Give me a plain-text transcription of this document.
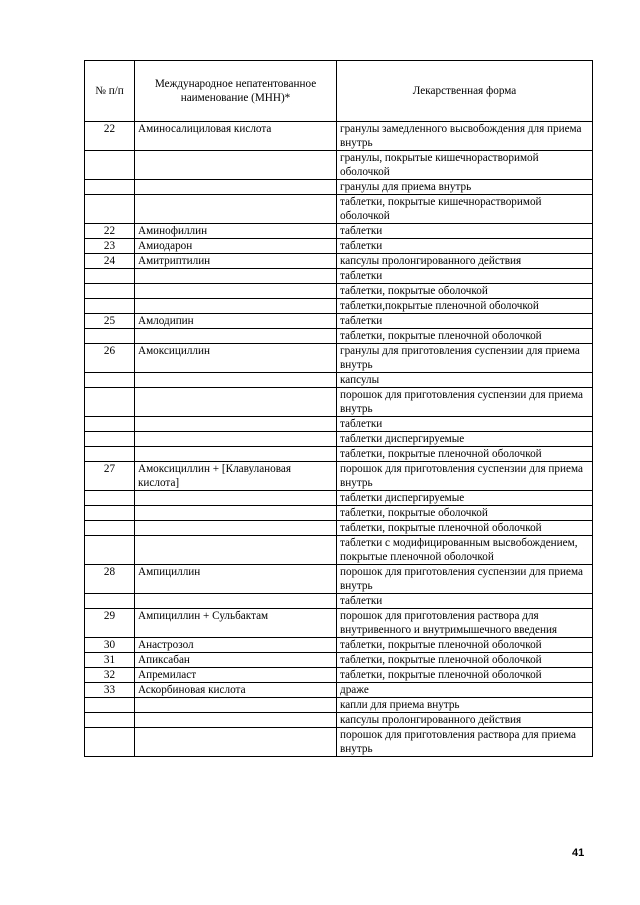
№ п/п	Международное непатентованное наименование (МНН)*	Лекарственная форма
22	Аминосалициловая кислота	гранулы замедленного высвобождения для приема внутрь
		гранулы, покрытые кишечнорастворимой оболочкой
		гранулы для приема внутрь
		таблетки, покрытые кишечнорастворимой оболочкой
22	Аминофиллин	таблетки
23	Амиодарон	таблетки
24	Амитриптилин	капсулы пролонгированного действия
		таблетки
		таблетки, покрытые оболочкой
		таблетки,покрытые пленочной оболочкой
25	Амлодипин	таблетки
		таблетки, покрытые пленочной оболочкой
26	Амоксициллин	гранулы для приготовления суспензии для приема внутрь
		капсулы
		порошок для приготовления суспензии для приема внутрь
		таблетки
		таблетки диспергируемые
		таблетки, покрытые пленочной оболочкой
27	Амоксициллин + [Клавулановая кислота]	порошок для приготовления суспензии для приема внутрь
		таблетки диспергируемые
		таблетки, покрытые оболочкой
		таблетки, покрытые пленочной оболочкой
		таблетки с модифицированным высвобождением, покрытые пленочной оболочкой
28	Ампициллин	порошок для приготовления суспензии для приема внутрь
		таблетки
29	Ампициллин + Сульбактам	порошок для приготовления раствора для внутривенного и внутримышечного введения
30	Анастрозол	таблетки, покрытые пленочной оболочкой
31	Апиксабан	таблетки, покрытые пленочной оболочкой
32	Апремиласт	таблетки, покрытые пленочной оболочкой
33	Аскорбиновая кислота	драже
		капли для приема внутрь
		капсулы пролонгированного действия
		порошок для приготовления раствора для приема внутрь
41
